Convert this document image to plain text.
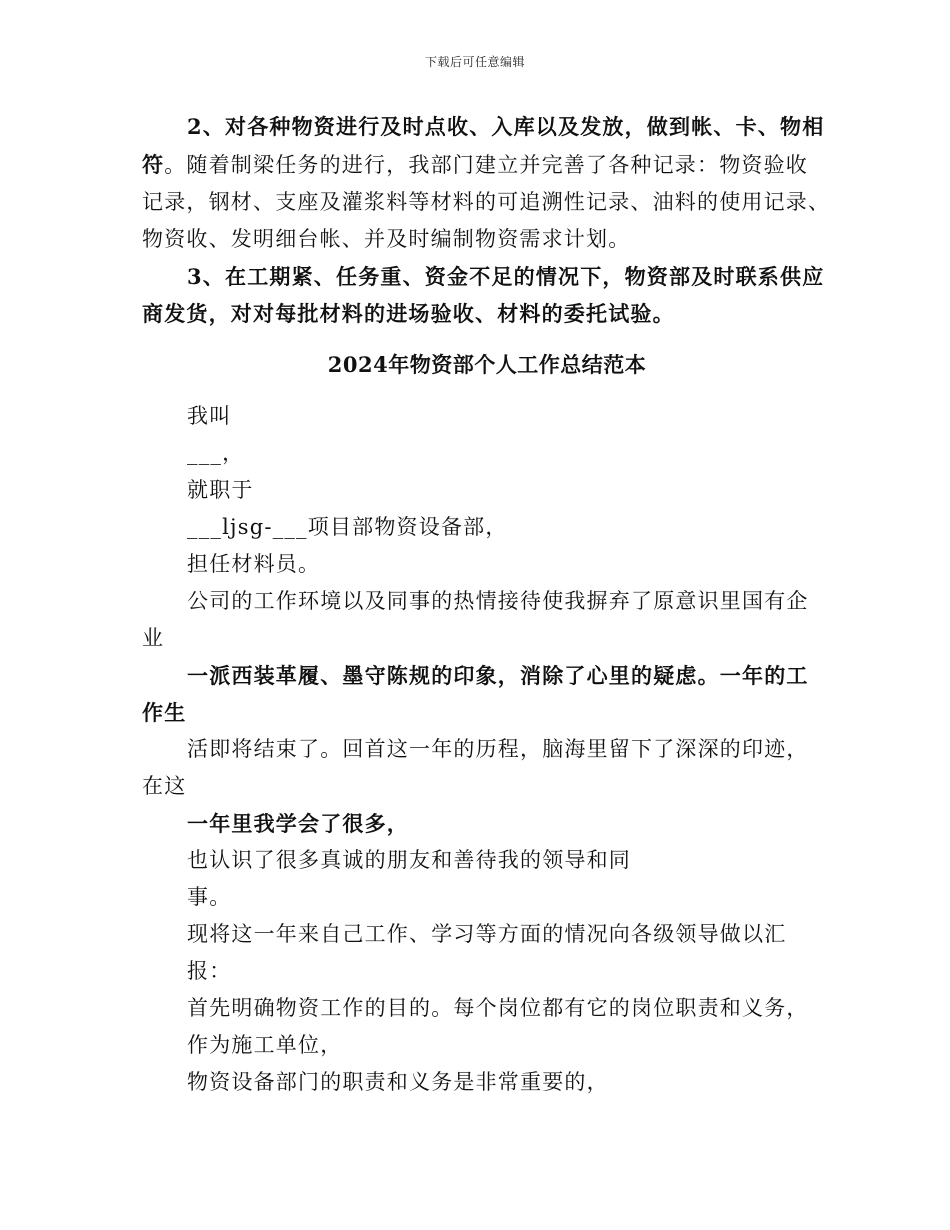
下载后可任意编辑

2、对各种物资进行及时点收、入库以及发放，做到帐、卡、物相

符。随着制梁任务的进行，我部门建立并完善了各种记录：物资验收

记录，钢材、支座及灌浆料等材料的可追溯性记录、油料的使用记录、

物资收、发明细台帐、并及时编制物资需求计划。

3、在工期紧、任务重、资金不足的情况下，物资部及时联系供应

商发货，对对每批材料的进场验收、材料的委托试验。

2024年物资部个人工作总结范本

我叫

___，

就职于

___ljsg-___项目部物资设备部，

担任材料员。

公司的工作环境以及同事的热情接待使我摒弃了原意识里国有企

业

一派西装革履、墨守陈规的印象，消除了心里的疑虑。一年的工

作生

活即将结束了。回首这一年的历程，脑海里留下了深深的印迹，

在这

一年里我学会了很多，

也认识了很多真诚的朋友和善待我的领导和同

事。

现将这一年来自己工作、学习等方面的情况向各级领导做以汇

报：

首先明确物资工作的目的。每个岗位都有它的岗位职责和义务，

作为施工单位，

物资设备部门的职责和义务是非常重要的，
